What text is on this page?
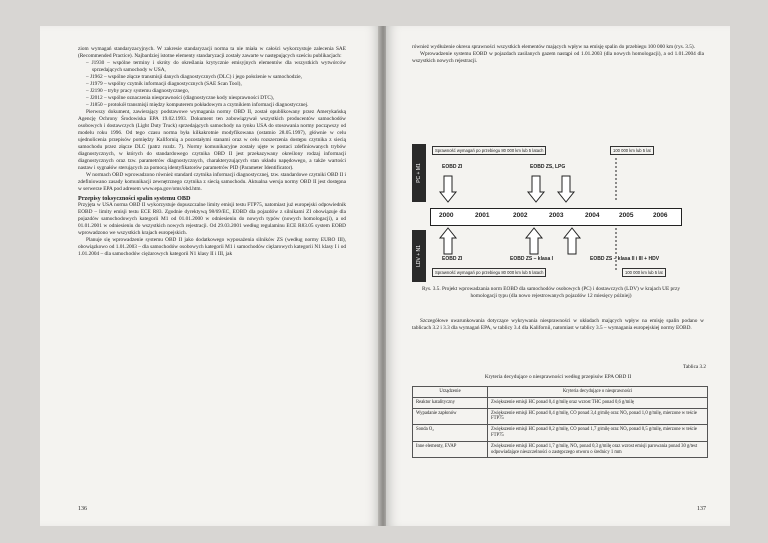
ziom wymagań standaryzacyjnych. W zakresie standaryzacji norma ta nie miała w całości wykorzystuje zalecenia SAE (Recommended Practice). Najbardziej istotne elementy standaryzacji zostały zawarte w następujących sześciu publikacjach:

– J1930 – wspólne terminy i skróty do określania krytycznie emisyjnych elementów dla wszystkich wytwórców sprzedających samochody w USA,
– J1962 – wspólne złącze transmisji danych diagnostycznych (DLC) i jego położenie w samochodzie,
– J1979 – wspólny czytnik informacji diagnostycznych (SAE Scan Tool),
– J2190 – tryby pracy systemu diagnostycznego,
– J2012 – wspólne oznaczenia niesprawności (diagnostyczne kody niesprawności DTC),
– J1850 – protokół transmisji między komputerem pokładowym a czytnikiem informacji diagnostycznej.

Pierwszy dokument, zawierający podstawowe wymagania normy OBD II, został opublikowany przez Amerykańską Agencję Ochrony Środowiska EPA 19.02.1993. Dokument ten zobowiązywał wszystkich producentów samochodów osobowych i dostawczych (Light Duty Truck) sprzedających samochody na rynku USA do stosowania normy począwszy od modelu roku 1996. Od tego czasu norma była kilkakrotnie modyfikowana (ostatnio 28.05.1997), głównie w celu ujednolicenia przepisów pomiędzy Kalifornią a pozostałymi stanami oraz w celu rozszerzenia dostępu czytnika z siecią samochodu przez złącze DLC (patrz rozdz. 7). Normy komunikacyjne zostały ujęte w postaci zdefiniowanych trybów diagnostycznych, w których do standardowego czytnika OBD II jest przekazywany określony rodzaj informacji diagnostycznych oraz tzw. parametrów diagnostycznych, charakteryzujących stan układu napędowego, a także wartości nastaw i sygnałów sterujących za pomocą identyfikatorów parametrów PID (Parameter Identificator).

W normach OBD wprowadzono również standard czytnika informacji diagnostycznej, tzw. standardowe czytniki OBD II i zdefiniowano zasady komunikacji zewnętrznego czytnika z siecią samochodu. Aktualna wersja normy OBD II jest dostępna w serwerze EPA pod adresem www.epa.gov/oms/obd.htm.

Przepisy toksyczności spalin systemu OBD

Przyjęta w USA norma OBD II wykorzystuje dopuszczalne limity emisji testu FTP75, natomiast już europejski odpowiednik EOBD – limity emisji testu ECE R83. Zgodnie dyrektywą 98/69/EC, EOBD dla pojazdów z silnikami ZI obowiązuje dla pojazdów samochodowych kategorii M1 od 01.01.2000 w odniesieniu do nowych typów (nowych homologacji), a od 01.01.2001 w odniesieniu do wszystkich nowych rejestracji. Od 29.03.2001 według regulaminu ECE R83.05 system EOBD wprowadzono we wszystkich krajach europejskich.

Planuje się wprowadzenie systemu OBD II jako dodatkowego wyposażenia silników ZS (według normy EURO III), obowiązkowo od 1.01.2003 – dla samochodów osobowych kategorii M1 i samochodów ciężarowych kategorii N1 klasy I i od 1.01.2004 – dla samochodów ciężarowych kategorii N1 klasy II i III, jak

136

również wydłużenie okresu sprawności wszystkich elementów mających wpływ na emisję spalin do przebiegu 100 000 km (rys. 3.5).

Wprowadzenie systemu EOBD w pojazdach zasilanych gazem nastąpi od 1.01.2003 (dla nowych homologacji), a od 1.01.2004 dla wszystkich nowych rejestracji.

PC + M1
LDV + N1
Sprawność wymagań po przebiegu 80 000 km lub 5 latach	100 000 km lub 5 lat
EOBD ZI	EOBD ZS, LPG
2000	2001	2002	2003	2004	2005	2006
EOBD ZI	EOBD ZS – klasa I	EOBD ZS – klasa II i III + HDV
Sprawność wymagań po przebiegu 80 000 km lub 5 latach	100 000 km lub 5 lat
Rys. 3.5. Projekt wprowadzania norm EOBD dla samochodów osobowych (PC) i dostawczych (LDV) w krajach UE przy homologacji typu (dla nowo rejestrowanych pojazdów 12 miesięcy później)

Szczegółowe uwarunkowania dotyczące wykrywania niesprawności w układach mających wpływ na emisję spalin podano w tablicach 3.2 i 3.3 dla wymagań EPA, w tablicy 3.4 dla Kalifornii, natomiast w tablicy 3.5 – wymagania europejskiej normy EOBD.

Tablica 3.2
Kryteria decydujące o niesprawności według przepisów EPA OBD II
Urządzenie	Kryteria decydujące o niesprawności
Reaktor katalityczny	Zwiększenie emisji HC ponad 0,4 g/milę oraz wzrost THC ponad 0,6 g/milę
Wypadanie zapłonów	Zwiększenie emisji HC ponad 0,4 g/milę, CO ponad 3,4 g/milę oraz NOₓ ponad 1,0 g/milę, mierzone w teście FTP75
Sonda O₂	Zwiększenie emisji HC ponad 0,2 g/milę, CO ponad 1,7 g/milę oraz NOₓ ponad 0,5 g/milę, mierzone w teście FTP75
Inne elementy, EVAP	Zwiększenie emisji HC ponad 1,7 g/milę, NOₓ ponad 0,3 g/milę oraz wzrost emisji parowania ponad 30 g/test odpowiadające nieszczelności o zastępczego otworu o średnicy 1 mm
137
